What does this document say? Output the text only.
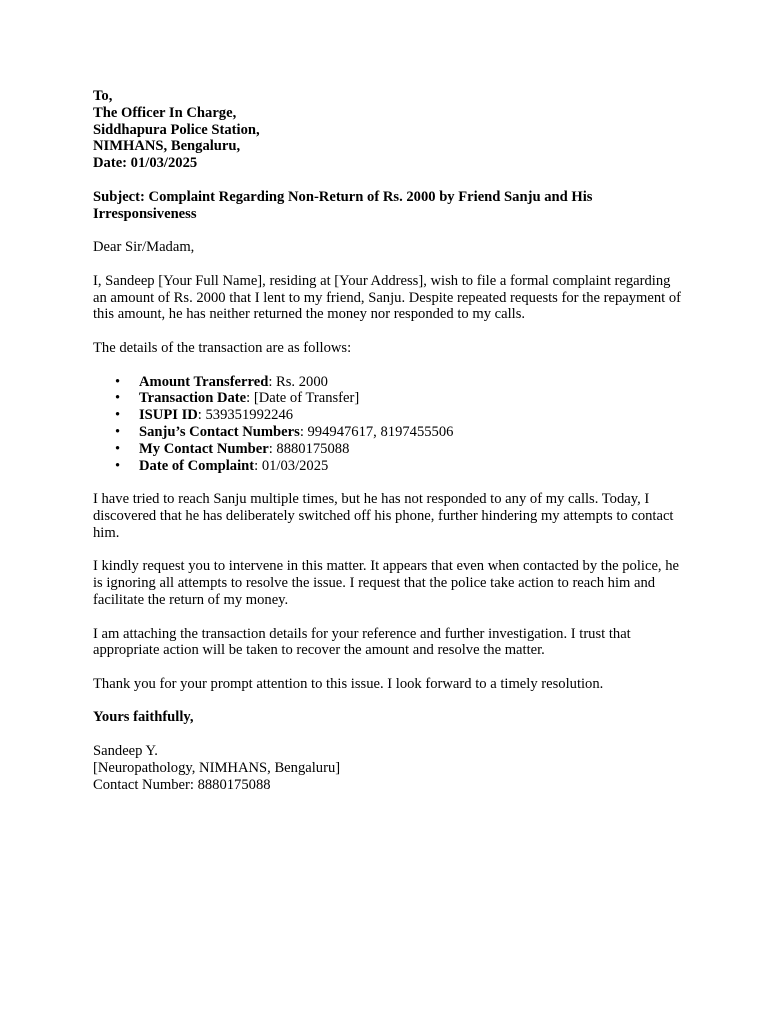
To,
The Officer In Charge,
Siddhapura Police Station,
NIMHANS, Bengaluru,
Date: 01/03/2025

Subject: Complaint Regarding Non-Return of Rs. 2000 by Friend Sanju and His Irresponsiveness

Dear Sir/Madam,

I, Sandeep [Your Full Name], residing at [Your Address], wish to file a formal complaint regarding an amount of Rs. 2000 that I lent to my friend, Sanju. Despite repeated requests for the repayment of this amount, he has neither returned the money nor responded to my calls.

The details of the transaction are as follows:

• Amount Transferred: Rs. 2000
• Transaction Date: [Date of Transfer]
• ISUPI ID: 539351992246
• Sanju’s Contact Numbers: 994947617, 8197455506
• My Contact Number: 8880175088
• Date of Complaint: 01/03/2025

I have tried to reach Sanju multiple times, but he has not responded to any of my calls. Today, I discovered that he has deliberately switched off his phone, further hindering my attempts to contact him.

I kindly request you to intervene in this matter. It appears that even when contacted by the police, he is ignoring all attempts to resolve the issue. I request that the police take action to reach him and facilitate the return of my money.

I am attaching the transaction details for your reference and further investigation. I trust that appropriate action will be taken to recover the amount and resolve the matter.

Thank you for your prompt attention to this issue. I look forward to a timely resolution.

Yours faithfully,

Sandeep Y.
[Neuropathology, NIMHANS, Bengaluru]
Contact Number: 8880175088
